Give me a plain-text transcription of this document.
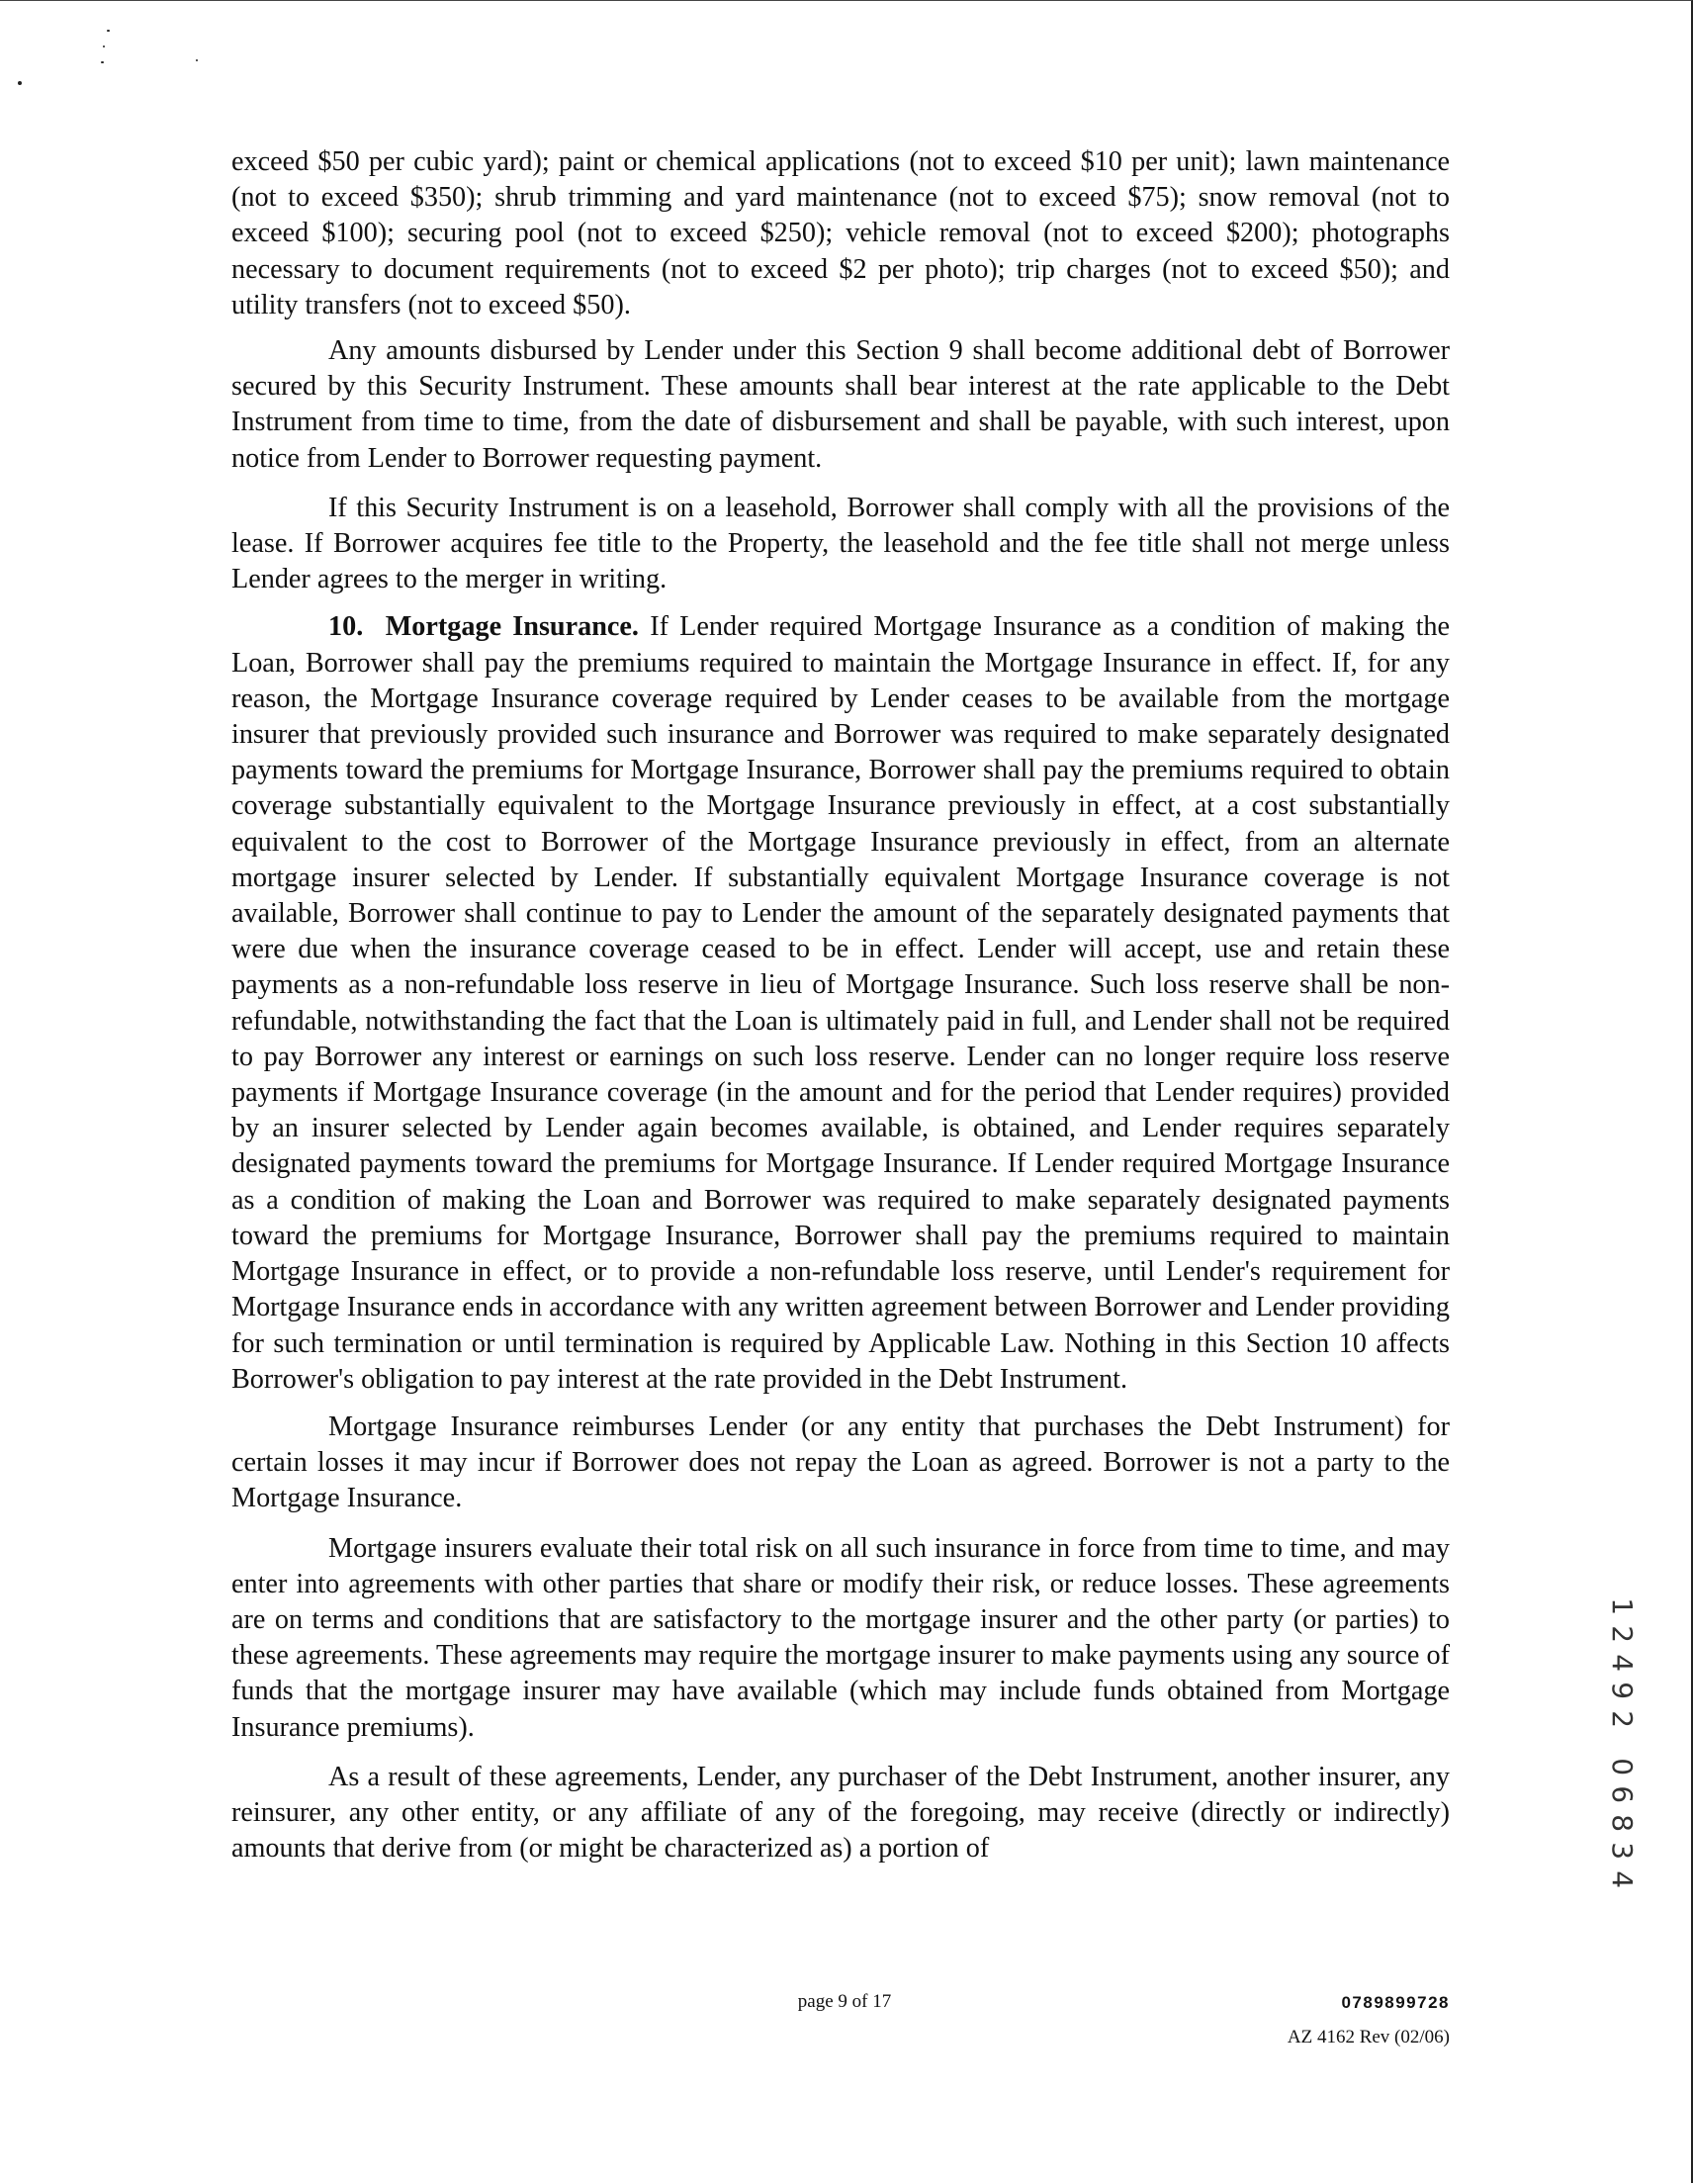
exceed $50 per cubic yard); paint or chemical applications (not to exceed $10 per unit); lawn maintenance (not to exceed $350); shrub trimming and yard maintenance (not to exceed $75); snow removal (not to exceed $100); securing pool (not to exceed $250); vehicle removal (not to exceed $200); photographs necessary to document requirements (not to exceed $2 per photo); trip charges (not to exceed $50); and utility transfers (not to exceed $50).

Any amounts disbursed by Lender under this Section 9 shall become additional debt of Borrower secured by this Security Instrument. These amounts shall bear interest at the rate applicable to the Debt Instrument from time to time, from the date of disbursement and shall be payable, with such interest, upon notice from Lender to Borrower requesting payment.

If this Security Instrument is on a leasehold, Borrower shall comply with all the provisions of the lease. If Borrower acquires fee title to the Property, the leasehold and the fee title shall not merge unless Lender agrees to the merger in writing.

10. Mortgage Insurance. If Lender required Mortgage Insurance as a condition of making the Loan, Borrower shall pay the premiums required to maintain the Mortgage Insurance in effect. If, for any reason, the Mortgage Insurance coverage required by Lender ceases to be available from the mortgage insurer that previously provided such insurance and Borrower was required to make separately designated payments toward the premiums for Mortgage Insurance, Borrower shall pay the premiums required to obtain coverage substantially equivalent to the Mortgage Insurance previously in effect, at a cost substantially equivalent to the cost to Borrower of the Mortgage Insurance previously in effect, from an alternate mortgage insurer selected by Lender. If substantially equivalent Mortgage Insurance coverage is not available, Borrower shall continue to pay to Lender the amount of the separately designated payments that were due when the insurance coverage ceased to be in effect. Lender will accept, use and retain these payments as a non-refundable loss reserve in lieu of Mortgage Insurance. Such loss reserve shall be non-refundable, notwithstanding the fact that the Loan is ultimately paid in full, and Lender shall not be required to pay Borrower any interest or earnings on such loss reserve. Lender can no longer require loss reserve payments if Mortgage Insurance coverage (in the amount and for the period that Lender requires) provided by an insurer selected by Lender again becomes available, is obtained, and Lender requires separately designated payments toward the premiums for Mortgage Insurance. If Lender required Mortgage Insurance as a condition of making the Loan and Borrower was required to make separately designated payments toward the premiums for Mortgage Insurance, Borrower shall pay the premiums required to maintain Mortgage Insurance in effect, or to provide a non-refundable loss reserve, until Lender's requirement for Mortgage Insurance ends in accordance with any written agreement between Borrower and Lender providing for such termination or until termination is required by Applicable Law. Nothing in this Section 10 affects Borrower's obligation to pay interest at the rate provided in the Debt Instrument.

Mortgage Insurance reimburses Lender (or any entity that purchases the Debt Instrument) for certain losses it may incur if Borrower does not repay the Loan as agreed. Borrower is not a party to the Mortgage Insurance.

Mortgage insurers evaluate their total risk on all such insurance in force from time to time, and may enter into agreements with other parties that share or modify their risk, or reduce losses. These agreements are on terms and conditions that are satisfactory to the mortgage insurer and the other party (or parties) to these agreements. These agreements may require the mortgage insurer to make payments using any source of funds that the mortgage insurer may have available (which may include funds obtained from Mortgage Insurance premiums).

As a result of these agreements, Lender, any purchaser of the Debt Instrument, another insurer, any reinsurer, any other entity, or any affiliate of any of the foregoing, may receive (directly or indirectly) amounts that derive from (or might be characterized as) a portion of

page 9 of 17	0789899728
AZ 4162 Rev (02/06)
1
2
4
9
2
0
6
8
3
4
